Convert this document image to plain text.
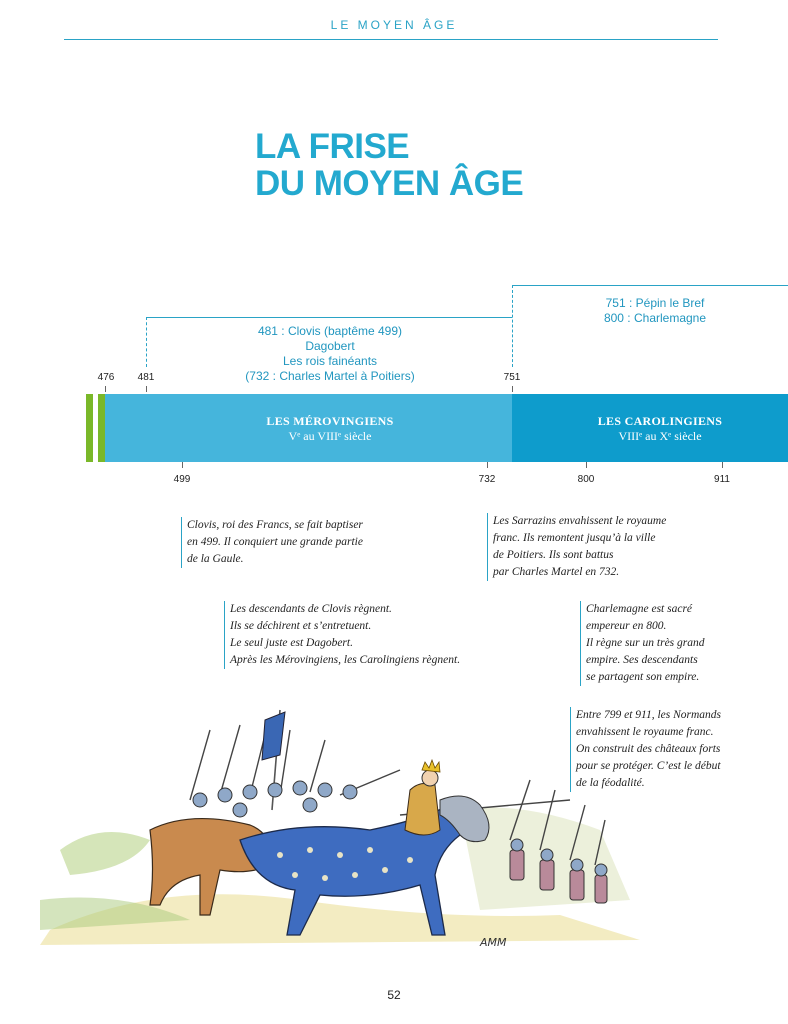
LE MOYEN ÂGE
LA FRISE
DU MOYEN ÂGE
481 : Clovis (baptême 499)
Dagobert
Les rois fainéants
(732 : Charles Martel à Poitiers)
751 : Pépin le Bref
800 : Charlemagne
476	481	751
LES MÉROVINGIENS
Vᵉ au VIIIᵉ siècle
LES CAROLINGIENS
VIIIᵉ au Xᵉ siècle
499	732	800	911
Clovis, roi des Francs, se fait baptiser
en 499. Il conquiert une grande partie
de la Gaule.
Les Sarrazins envahissent le royaume
franc. Ils remontent jusqu’à la ville
de Poitiers. Ils sont battus
par Charles Martel en 732.
Les descendants de Clovis règnent.
Ils se déchirent et s’entretuent.
Le seul juste est Dagobert.
Après les Mérovingiens, les Carolingiens règnent.
Charlemagne est sacré
empereur en 800.
Il règne sur un très grand
empire. Ses descendants
se partagent son empire.
Entre 799 et 911, les Normands
envahissent le royaume franc.
On construit des châteaux forts
pour se protéger. C’est le début
de la féodalité.
AMM
52
